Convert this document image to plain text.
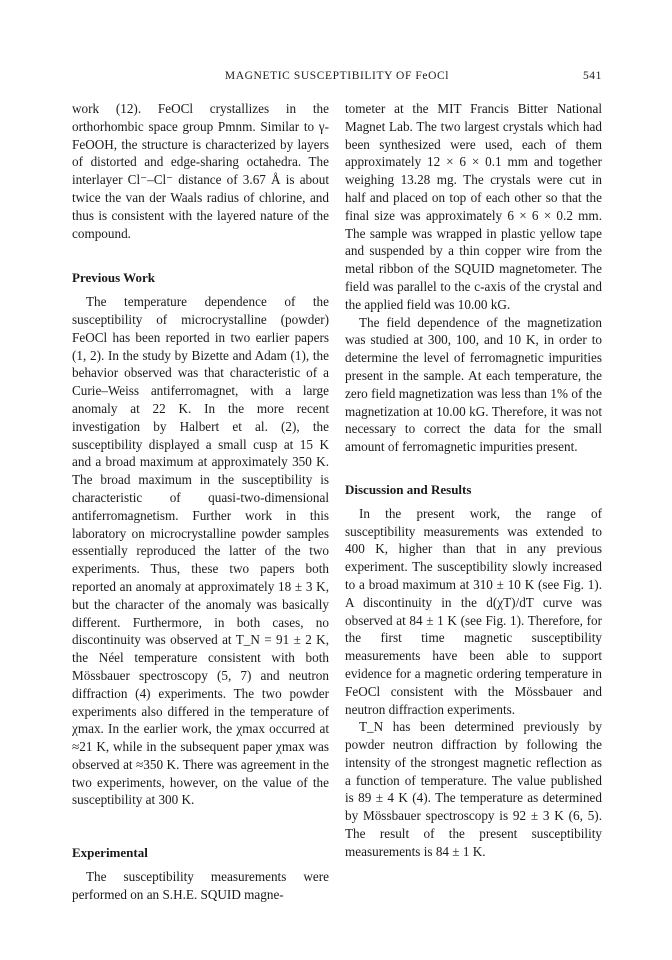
MAGNETIC SUSCEPTIBILITY OF FeOCl	541

work (12). FeOCl crystallizes in the orthorhombic space group Pmnm. Similar to γ-FeOOH, the structure is characterized by layers of distorted and edge-sharing octahedra. The interlayer Cl⁻–Cl⁻ distance of 3.67 Å is about twice the van der Waals radius of chlorine, and thus is consistent with the layered nature of the compound.

Previous Work

The temperature dependence of the susceptibility of microcrystalline (powder) FeOCl has been reported in two earlier papers (1, 2). In the study by Bizette and Adam (1), the behavior observed was that characteristic of a Curie–Weiss antiferromagnet, with a large anomaly at 22 K. In the more recent investigation by Halbert et al. (2), the susceptibility displayed a small cusp at 15 K and a broad maximum at approximately 350 K. The broad maximum in the susceptibility is characteristic of quasi-two-dimensional antiferromagnetism. Further work in this laboratory on microcrystalline powder samples essentially reproduced the latter of the two experiments. Thus, these two papers both reported an anomaly at approximately 18 ± 3 K, but the character of the anomaly was basically different. Furthermore, in both cases, no discontinuity was observed at T_N = 91 ± 2 K, the Néel temperature consistent with both Mössbauer spectroscopy (5, 7) and neutron diffraction (4) experiments. The two powder experiments also differed in the temperature of χmax. In the earlier work, the χmax occurred at ≈21 K, while in the subsequent paper χmax was observed at ≈350 K. There was agreement in the two experiments, however, on the value of the susceptibility at 300 K.

Experimental

The susceptibility measurements were performed on an S.H.E. SQUID magne-

tometer at the MIT Francis Bitter National Magnet Lab. The two largest crystals which had been synthesized were used, each of them approximately 12 × 6 × 0.1 mm and together weighing 13.28 mg. The crystals were cut in half and placed on top of each other so that the final size was approximately 6 × 6 × 0.2 mm. The sample was wrapped in plastic yellow tape and suspended by a thin copper wire from the metal ribbon of the SQUID magnetometer. The field was parallel to the c-axis of the crystal and the applied field was 10.00 kG.

The field dependence of the magnetization was studied at 300, 100, and 10 K, in order to determine the level of ferromagnetic impurities present in the sample. At each temperature, the zero field magnetization was less than 1% of the magnetization at 10.00 kG. Therefore, it was not necessary to correct the data for the small amount of ferromagnetic impurities present.

Discussion and Results

In the present work, the range of susceptibility measurements was extended to 400 K, higher than that in any previous experiment. The susceptibility slowly increased to a broad maximum at 310 ± 10 K (see Fig. 1). A discontinuity in the d(χT)/dT curve was observed at 84 ± 1 K (see Fig. 1). Therefore, for the first time magnetic susceptibility measurements have been able to support evidence for a magnetic ordering temperature in FeOCl consistent with the Mössbauer and neutron diffraction experiments.

T_N has been determined previously by powder neutron diffraction by following the intensity of the strongest magnetic reflection as a function of temperature. The value published is 89 ± 4 K (4). The temperature as determined by Mössbauer spectroscopy is 92 ± 3 K (6, 5). The result of the present susceptibility measurements is 84 ± 1 K.
